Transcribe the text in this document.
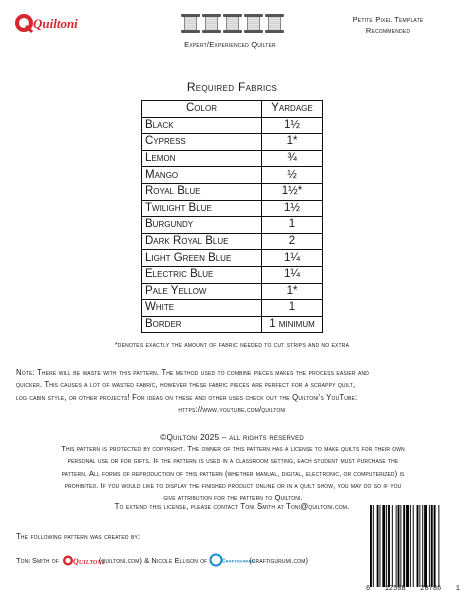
Quiltoni
Expert/Experienced Quilter
Petite Pixel Template
Recommended
Required Fabrics
Color	Yardage
Black	1½
Cypress	1*
Lemon	¾
Mango	½
Royal Blue	1½*
Twilight Blue	1½
Burgundy	1
Dark Royal Blue	2
Light Green Blue	1¼
Electric Blue	1¼
Pale Yellow	1*
White	1
Border	1 minimum
*denotes exactly the amount of fabric needed to cut strips and no extra
Note: There will be waste with this pattern. The method used to combine pieces makes the process easier and
quicker. This causes a lot of wasted fabric, however these fabric pieces are perfect for a scrappy quilt,
log cabin style, or other projects! For ideas on these and other uses check out the Quiltoni’s YouTube:
https://www.youtube.com/quiltoni
©Quiltoni 2025 – all rights reserved
This pattern is protected by copyright. The owner of this pattern has a license to make quilts for their own
personal use or for gifts. If the pattern is used in a classroom setting, each student must purchase the
pattern. All forms of reproduction of this pattern (whether manual, digital, electronic, or computerized) is
prohibited. If you would like to display the finished product online or in a quilt show, you may do so if you
give attribution for the pattern to Quiltoni.
To extend this license, please contact Toni Smith at Toni@quiltoni.com.
The following pattern was created by:
Toni Smith of Quiltoni
(quiltoni.com) & Nicole Ellison of	Craftigurumi
(craftigurumi.com)
6 12508 28786 1
